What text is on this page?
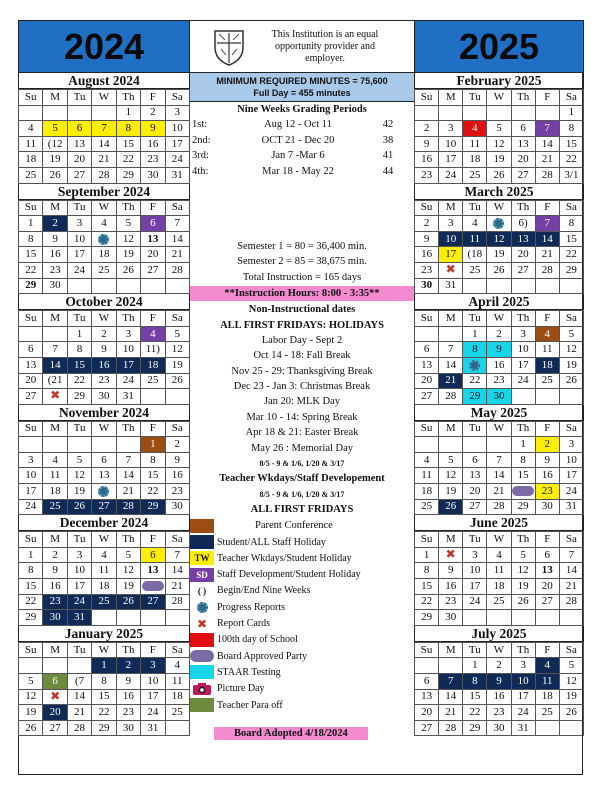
2024
August 2024
Su	M	Tu	W	Th	F	Sa
				1	2	3
4	5	6	7	8	9	10
11	(12	13	14	15	16	17
18	19	20	21	22	23	24
25	26	27	28	29	30	31
September 2024
Su	M	Tu	W	Th	F	Sa
1	2	3	4	5	6	7
8	9	10		12	13	14
15	16	17	18	19	20	21
22	23	24	25	26	27	28
29	30					
October 2024
Su	M	Tu	W	Th	F	Sa
		1	2	3	4	5
6	7	8	9	10	11)	12
13	14	15	16	17	18	19
20	(21	22	23	24	25	26
27	✖	29	30	31		
November 2024
Su	M	Tu	W	Th	F	Sa
					1	2
3	4	5	6	7	8	9
10	11	12	13	14	15	16
17	18	19		21	22	23
24	25	26	27	28	29	30
December 2024
Su	M	Tu	W	Th	F	Sa
1	2	3	4	5	6	7
8	9	10	11	12	13	14
15	16	17	18	19		21
22	23	24	25	26	27	28
29	30	31				
January 2025
Su	M	Tu	W	Th	F	Sa
			1	2	3	4
5	6	(7	8	9	10	11
12	✖	14	15	16	17	18
19	20	21	22	23	24	25
26	27	28	29	30	31	
This Institution is an equal opportunity provider and employer.
MINIMUM REQUIRED MINUTES = 75,600
Full Day = 455 minutes
Nine Weeks Grading Periods
1st:	Aug 12 - Oct 11	42
2nd:	OCT 21 - Dec 20	38
3rd:	Jan 7 -Mar 6	41
4th:	Mar 18 - May 22	44
Semester 1 = 80 = 36,400 min.
Semester 2 = 85 = 38,675 min.
Total Instruction = 165 days
**Instruction Hours: 8:00 - 3:35**
Non-Instructional dates
ALL FIRST FRIDAYS: HOLIDAYS
Labor Day - Sept 2
Oct 14 - 18: Fall Break
Nov 25 - 29: Thanksgiving Break
Dec 23 - Jan 3: Christmas Break
Jan 20: MLK Day
Mar 10 - 14: Spring Break
Apr 18 & 21: Easter Break
May 26 : Memorial Day
8/5 - 9 & 1/6, 1/20 & 3/17
Teacher Wkdays/Staff Developement
8/5 - 9 & 1/6, 1/20 & 3/17
ALL FIRST FRIDAYS
Parent Conference
Student/ALL Staff Holiday
TW Teacher Wkdays/Student Holiday
SD Staff Development/Student Holiday
( )	Begin/End Nine Weeks
Progress Reports
✖ Report Cards
100th day of School
Board Approved Party
STAAR Testing
Picture Day
Teacher Para off
Board Adopted 4/18/2024
2025
February 2025
Su	M	Tu	W	Th	F	Sa
						1
2	3	4	5	6	7	8
9	10	11	12	13	14	15
16	17	18	19	20	21	22
23	24	25	26	27	28	3/1
March 2025
Su	M	Tu	W	Th	F	Sa
2	3	4		6)	7	8
9	10	11	12	13	14	15
16	17	(18	19	20	21	22
23	✖	25	26	27	28	29
30	31					
April 2025
Su	M	Tu	W	Th	F	Sa
		1	2	3	4	5
6	7	8	9	10	11	12
13	14		16	17	18	19
20	21	22	23	24	25	26
27	28	29	30			
May 2025
Su	M	Tu	W	Th	F	Sa
				1	2	3
4	5	6	7	8	9	10
11	12	13	14	15	16	17
18	19	20	21		23	24
25	26	27	28	29	30	31
June 2025
Su	M	Tu	W	Th	F	Sa
1	✖	3	4	5	6	7
8	9	10	11	12	13	14
15	16	17	18	19	20	21
22	23	24	25	26	27	28
29	30					
July 2025
Su	M	Tu	W	Th	F	Sa
		1	2	3	4	5
6	7	8	9	10	11	12
13	14	15	16	17	18	19
20	21	22	23	24	25	26
27	28	29	30	31		
